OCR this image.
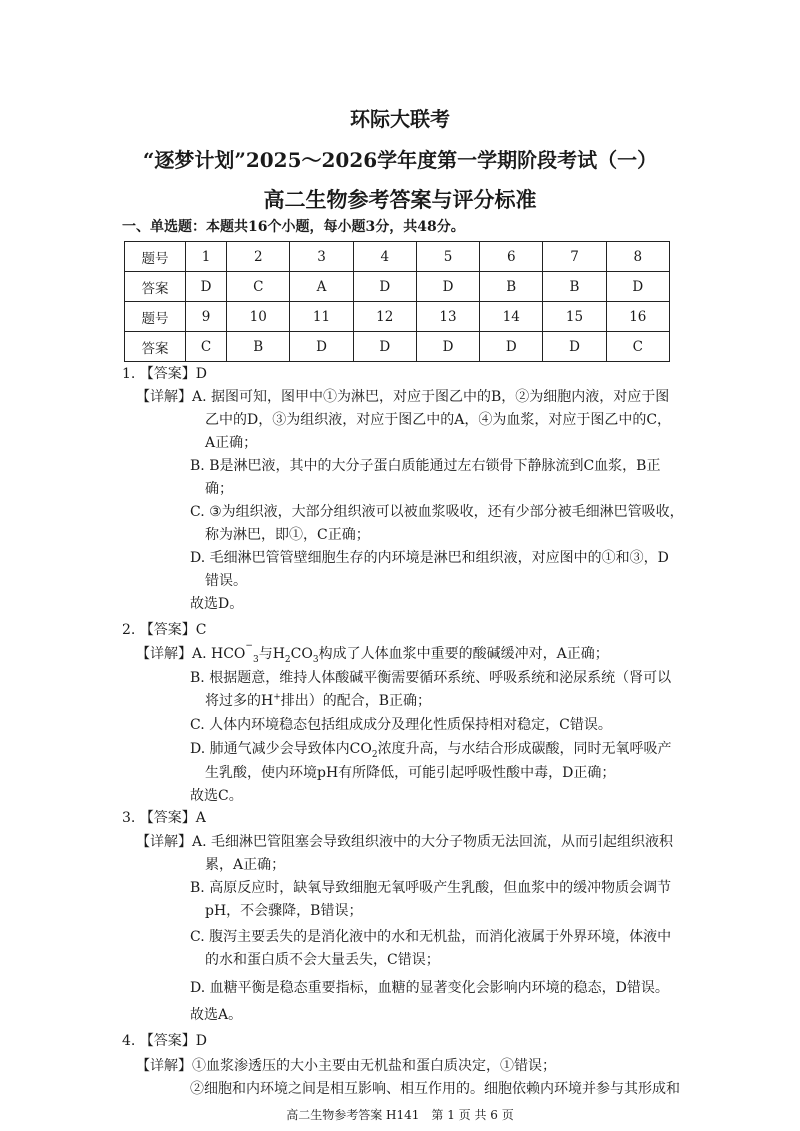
环际大联考
“逐梦计划”2025～2026学年度第一学期阶段考试（一）
高二生物参考答案与评分标准
一、单选题：本题共16个小题，每小题3分，共48分。
题号	1	2	3	4	5	6	7	8
答案	D	C	A	D	D	B	B	D
题号	9	10	11	12	13	14	15	16
答案	C	B	D	D	D	D	D	C
1. 【答案】D
【详解】A. 据图可知，图甲中①为淋巴，对应于图乙中的B，②为细胞内液，对应于图
乙中的D，③为组织液，对应于图乙中的A，④为血浆，对应于图乙中的C，
A正确；
B. B是淋巴液，其中的大分子蛋白质能通过左右锁骨下静脉流到C血浆，B正
确；
C. ③为组织液，大部分组织液可以被血浆吸收，还有少部分被毛细淋巴管吸收，
称为淋巴，即①，C正确；
D. 毛细淋巴管管壁细胞生存的内环境是淋巴和组织液，对应图中的①和③，D
错误。
故选D。
2. 【答案】C
【详解】A. $HCO_{^-3}$与$H_2CO_3$构成了人体血浆中重要的酸碱缓冲对，A正确；
B. 根据题意，维持人体酸碱平衡需要循环系统、呼吸系统和泌尿系统（肾可以
将过多的H+排出）的配合，B正确；
C. 人体内环境稳态包括组成成分及理化性质保持相对稳定，C错误。
D. 肺通气减少会导致体内$CO_2$浓度升高，与水结合形成碳酸，同时无氧呼吸产
生乳酸，使内环境pH有所降低，可能引起呼吸性酸中毒，D正确；
故选C。
3. 【答案】A
【详解】A. 毛细淋巴管阻塞会导致组织液中的大分子物质无法回流，从而引起组织液积
累，A正确；
B. 高原反应时，缺氧导致细胞无氧呼吸产生乳酸，但血浆中的缓冲物质会调节
pH，不会骤降，B错误；
C. 腹泻主要丢失的是消化液中的水和无机盐，而消化液属于外界环境，体液中
的水和蛋白质不会大量丢失，C错误；
D. 血糖平衡是稳态重要指标，血糖的显著变化会影响内环境的稳态，D错误。
高二生物参考答案 H141　第 1 页 共 6 页
故选A。
4. 【答案】D
【详解】①血浆渗透压的大小主要由无机盐和蛋白质决定，①错误；
②细胞和内环境之间是相互影响、相互作用的。细胞依赖内环境并参与其形成和
